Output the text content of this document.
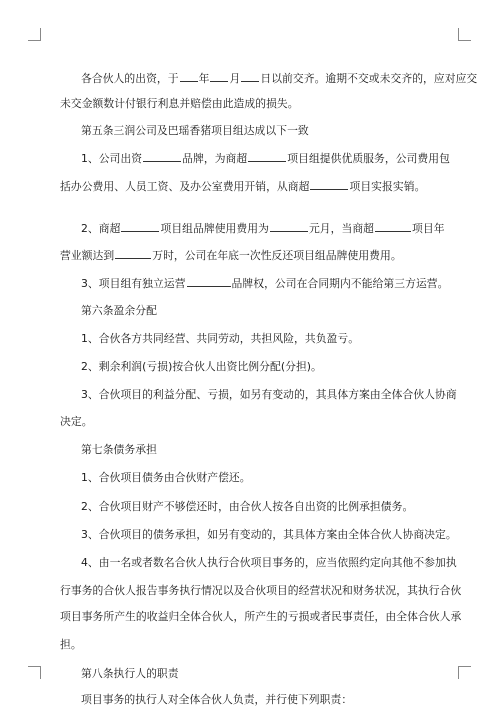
各合伙人的出资，于 年 月 日以前交齐。逾期不交或未交齐的，应对应交
未交金额数计付银行利息并赔偿由此造成的损失。
第五条三润公司及巴瑶香猪项目组达成以下一致
1、公司出资	品牌，为商超	项目组提供优质服务，公司费用包
括办公费用、人员工资、及办公室费用开销，从商超	项目实报实销。
2、商超	项目组品牌使用费用为	元月，当商超	项目年
营业额达到	万时，公司在年底一次性反还项目组品牌使用费用。
3、项目组有独立运营	品牌权，公司在合同期内不能给第三方运营。
第六条盈余分配
1、合伙各方共同经营、共同劳动，共担风险，共负盈亏。
2、剩余利润(亏损)按合伙人出资比例分配(分担)。
3、合伙项目的利益分配、亏损，如另有变动的，其具体方案由全体合伙人协商
决定。
第七条债务承担
1、合伙项目债务由合伙财产偿还。
2、合伙项目财产不够偿还时，由合伙人按各自出资的比例承担债务。
3、合伙项目的债务承担，如另有变动的，其具体方案由全体合伙人协商决定。
4、由一名或者数名合伙人执行合伙项目事务的，应当依照约定向其他不参加执
行事务的合伙人报告事务执行情况以及合伙项目的经营状况和财务状况，其执行合伙
项目事务所产生的收益归全体合伙人，所产生的亏损或者民事责任，由全体合伙人承
担。
第八条执行人的职责
项目事务的执行人对全体合伙人负责，并行使下列职责：
